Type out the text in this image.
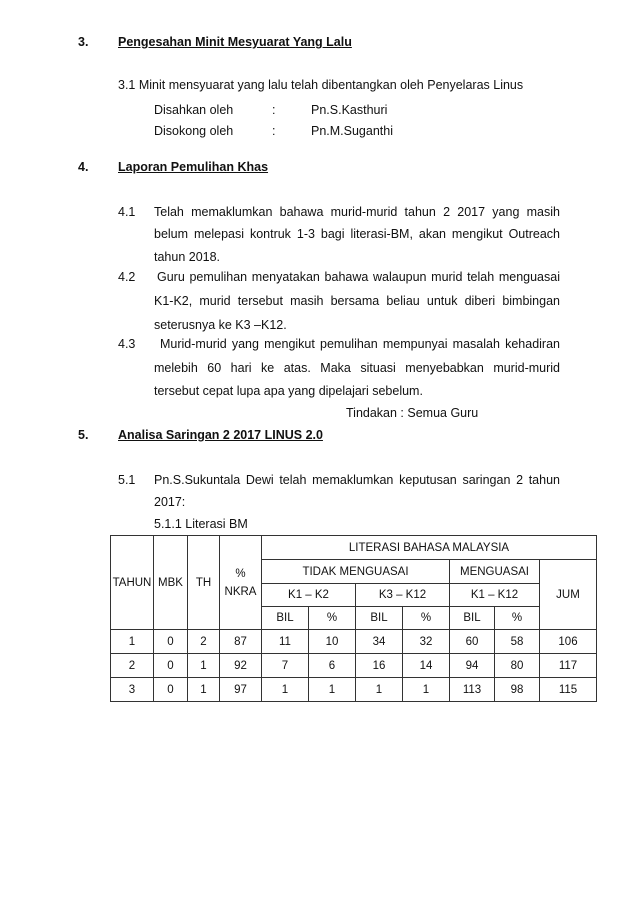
3. Pengesahan Minit Mesyuarat Yang Lalu
3.1 Minit mensyuarat yang lalu telah dibentangkan oleh Penyelaras Linus
Disahkan oleh	:	Pn.S.Kasthuri
Disokong oleh	:	Pn.M.Suganthi
4. Laporan Pemulihan Khas
4.1 Telah memaklumkan bahawa murid-murid tahun 2 2017 yang masih
belum melepasi kontruk 1-3 bagi literasi-BM, akan mengikut Outreach
tahun 2018.
4.2 Guru pemulihan menyatakan bahawa walaupun murid telah menguasai
K1-K2, murid tersebut masih bersama beliau untuk diberi bimbingan
seterusnya ke K3 –K12.
4.3 Murid-murid yang mengikut pemulihan mempunyai masalah kehadiran
melebih 60 hari ke atas. Maka situasi menyebabkan murid-murid
tersebut cepat lupa apa yang dipelajari sebelum.
Tindakan : Semua Guru
5. Analisa Saringan 2 2017 LINUS 2.0
5.1 Pn.S.Sukuntala Dewi telah memaklumkan keputusan saringan 2 tahun
2017:
5.1.1 Literasi BM
TAHUN	MBK	TH	%
NKRA	LITERASI BAHASA MALAYSIA						
				TIDAK MENGUASAI				MENGUASAI		JUM
				K1 – K2		K3 – K12		K1 – K12		
				BIL	%	BIL	%	BIL	%	
1	0	2	87	11	10	34	32	60	58	106
2	0	1	92	7	6	16	14	94	80	117
3	0	1	97	1	1	1	1	113	98	115
